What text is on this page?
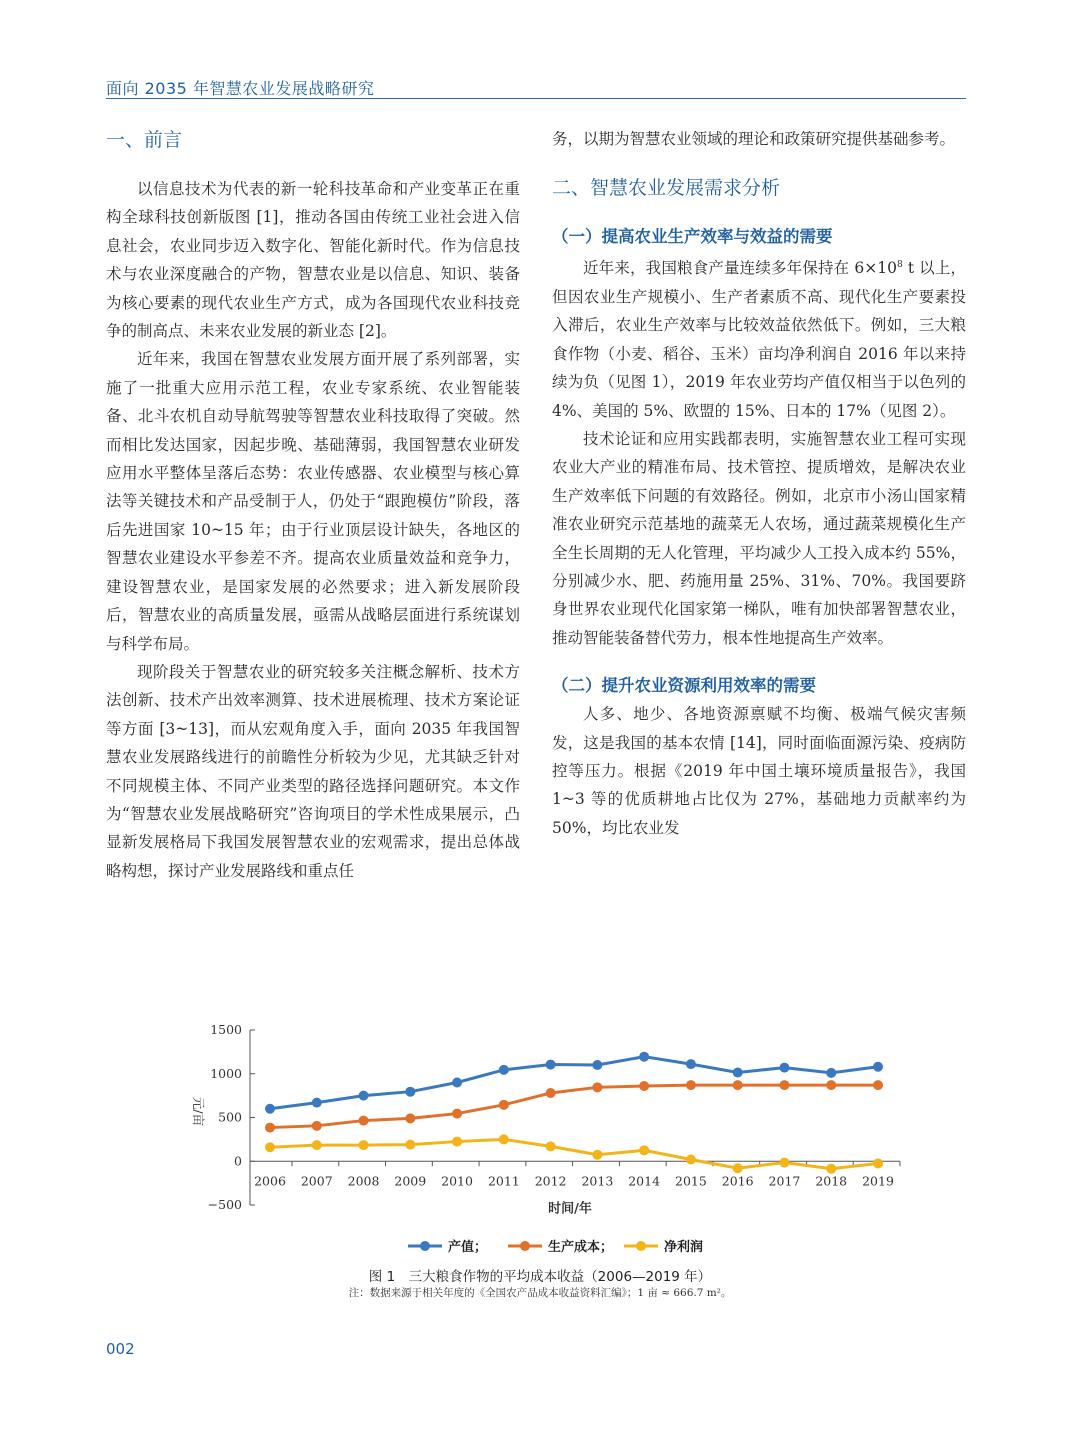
面向 2035 年智慧农业发展战略研究
一、前言

以信息技术为代表的新一轮科技革命和产业变革正在重构全球科技创新版图 [1]，推动各国由传统工业社会进入信息社会，农业同步迈入数字化、智能化新时代。作为信息技术与农业深度融合的产物，智慧农业是以信息、知识、装备为核心要素的现代农业生产方式，成为各国现代农业科技竞争的制高点、未来农业发展的新业态 [2]。

近年来，我国在智慧农业发展方面开展了系列部署，实施了一批重大应用示范工程，农业专家系统、农业智能装备、北斗农机自动导航驾驶等智慧农业科技取得了突破。然而相比发达国家，因起步晚、基础薄弱，我国智慧农业研发应用水平整体呈落后态势：农业传感器、农业模型与核心算法等关键技术和产品受制于人，仍处于“跟跑模仿”阶段，落后先进国家 10~15 年；由于行业顶层设计缺失，各地区的智慧农业建设水平参差不齐。提高农业质量效益和竞争力，建设智慧农业，是国家发展的必然要求；进入新发展阶段后，智慧农业的高质量发展，亟需从战略层面进行系统谋划与科学布局。

现阶段关于智慧农业的研究较多关注概念解析、技术方法创新、技术产出效率测算、技术进展梳理、技术方案论证等方面 [3~13]，而从宏观角度入手，面向 2035 年我国智慧农业发展路线进行的前瞻性分析较为少见，尤其缺乏针对不同规模主体、不同产业类型的路径选择问题研究。本文作为“智慧农业发展战略研究”咨询项目的学术性成果展示，凸显新发展格局下我国发展智慧农业的宏观需求，提出总体战略构想，探讨产业发展路线和重点任

务，以期为智慧农业领域的理论和政策研究提供基础参考。

二、智慧农业发展需求分析
（一）提高农业生产效率与效益的需要

近年来，我国粮食产量连续多年保持在 $6\times 10^8$ t 以上，但因农业生产规模小、生产者素质不高、现代化生产要素投入滞后，农业生产效率与比较效益依然低下。例如，三大粮食作物（小麦、稻谷、玉米）亩均净利润自 2016 年以来持续为负（见图 1），2019 年农业劳均产值仅相当于以色列的 4%、美国的 5%、欧盟的 15%、日本的 17%（见图 2）。

技术论证和应用实践都表明，实施智慧农业工程可实现农业大产业的精准布局、技术管控、提质增效，是解决农业生产效率低下问题的有效路径。例如，北京市小汤山国家精准农业研究示范基地的蔬菜无人农场，通过蔬菜规模化生产全生长周期的无人化管理，平均减少人工投入成本约 55%，分别减少水、肥、药施用量 25%、31%、70%。我国要跻身世界农业现代化国家第一梯队，唯有加快部署智慧农业，推动智能装备替代劳力，根本性地提高生产效率。

（二）提升农业资源利用效率的需要

人多、地少、各地资源禀赋不均衡、极端气候灾害频发，这是我国的基本农情 [14]，同时面临面源污染、疫病防控等压力。根据《2019 年中国土壤环境质量报告》，我国 1~3 等的优质耕地占比仅为 27%，基础地力贡献率约为 50%，均比农业发

1500
1000
500
0
−500
2006 2007 2008 2009 2010 2011 2012 2013 2014 2015 2016 2017 2018 2019
元/亩
时间/年
产值；	生产成本；	净利润
图 1　三大粮食作物的平均成本收益（2006—2019 年）
注：数据来源于相关年度的《全国农产品成本收益资料汇编》；1 亩 ≈ 666.7 m²。
002
